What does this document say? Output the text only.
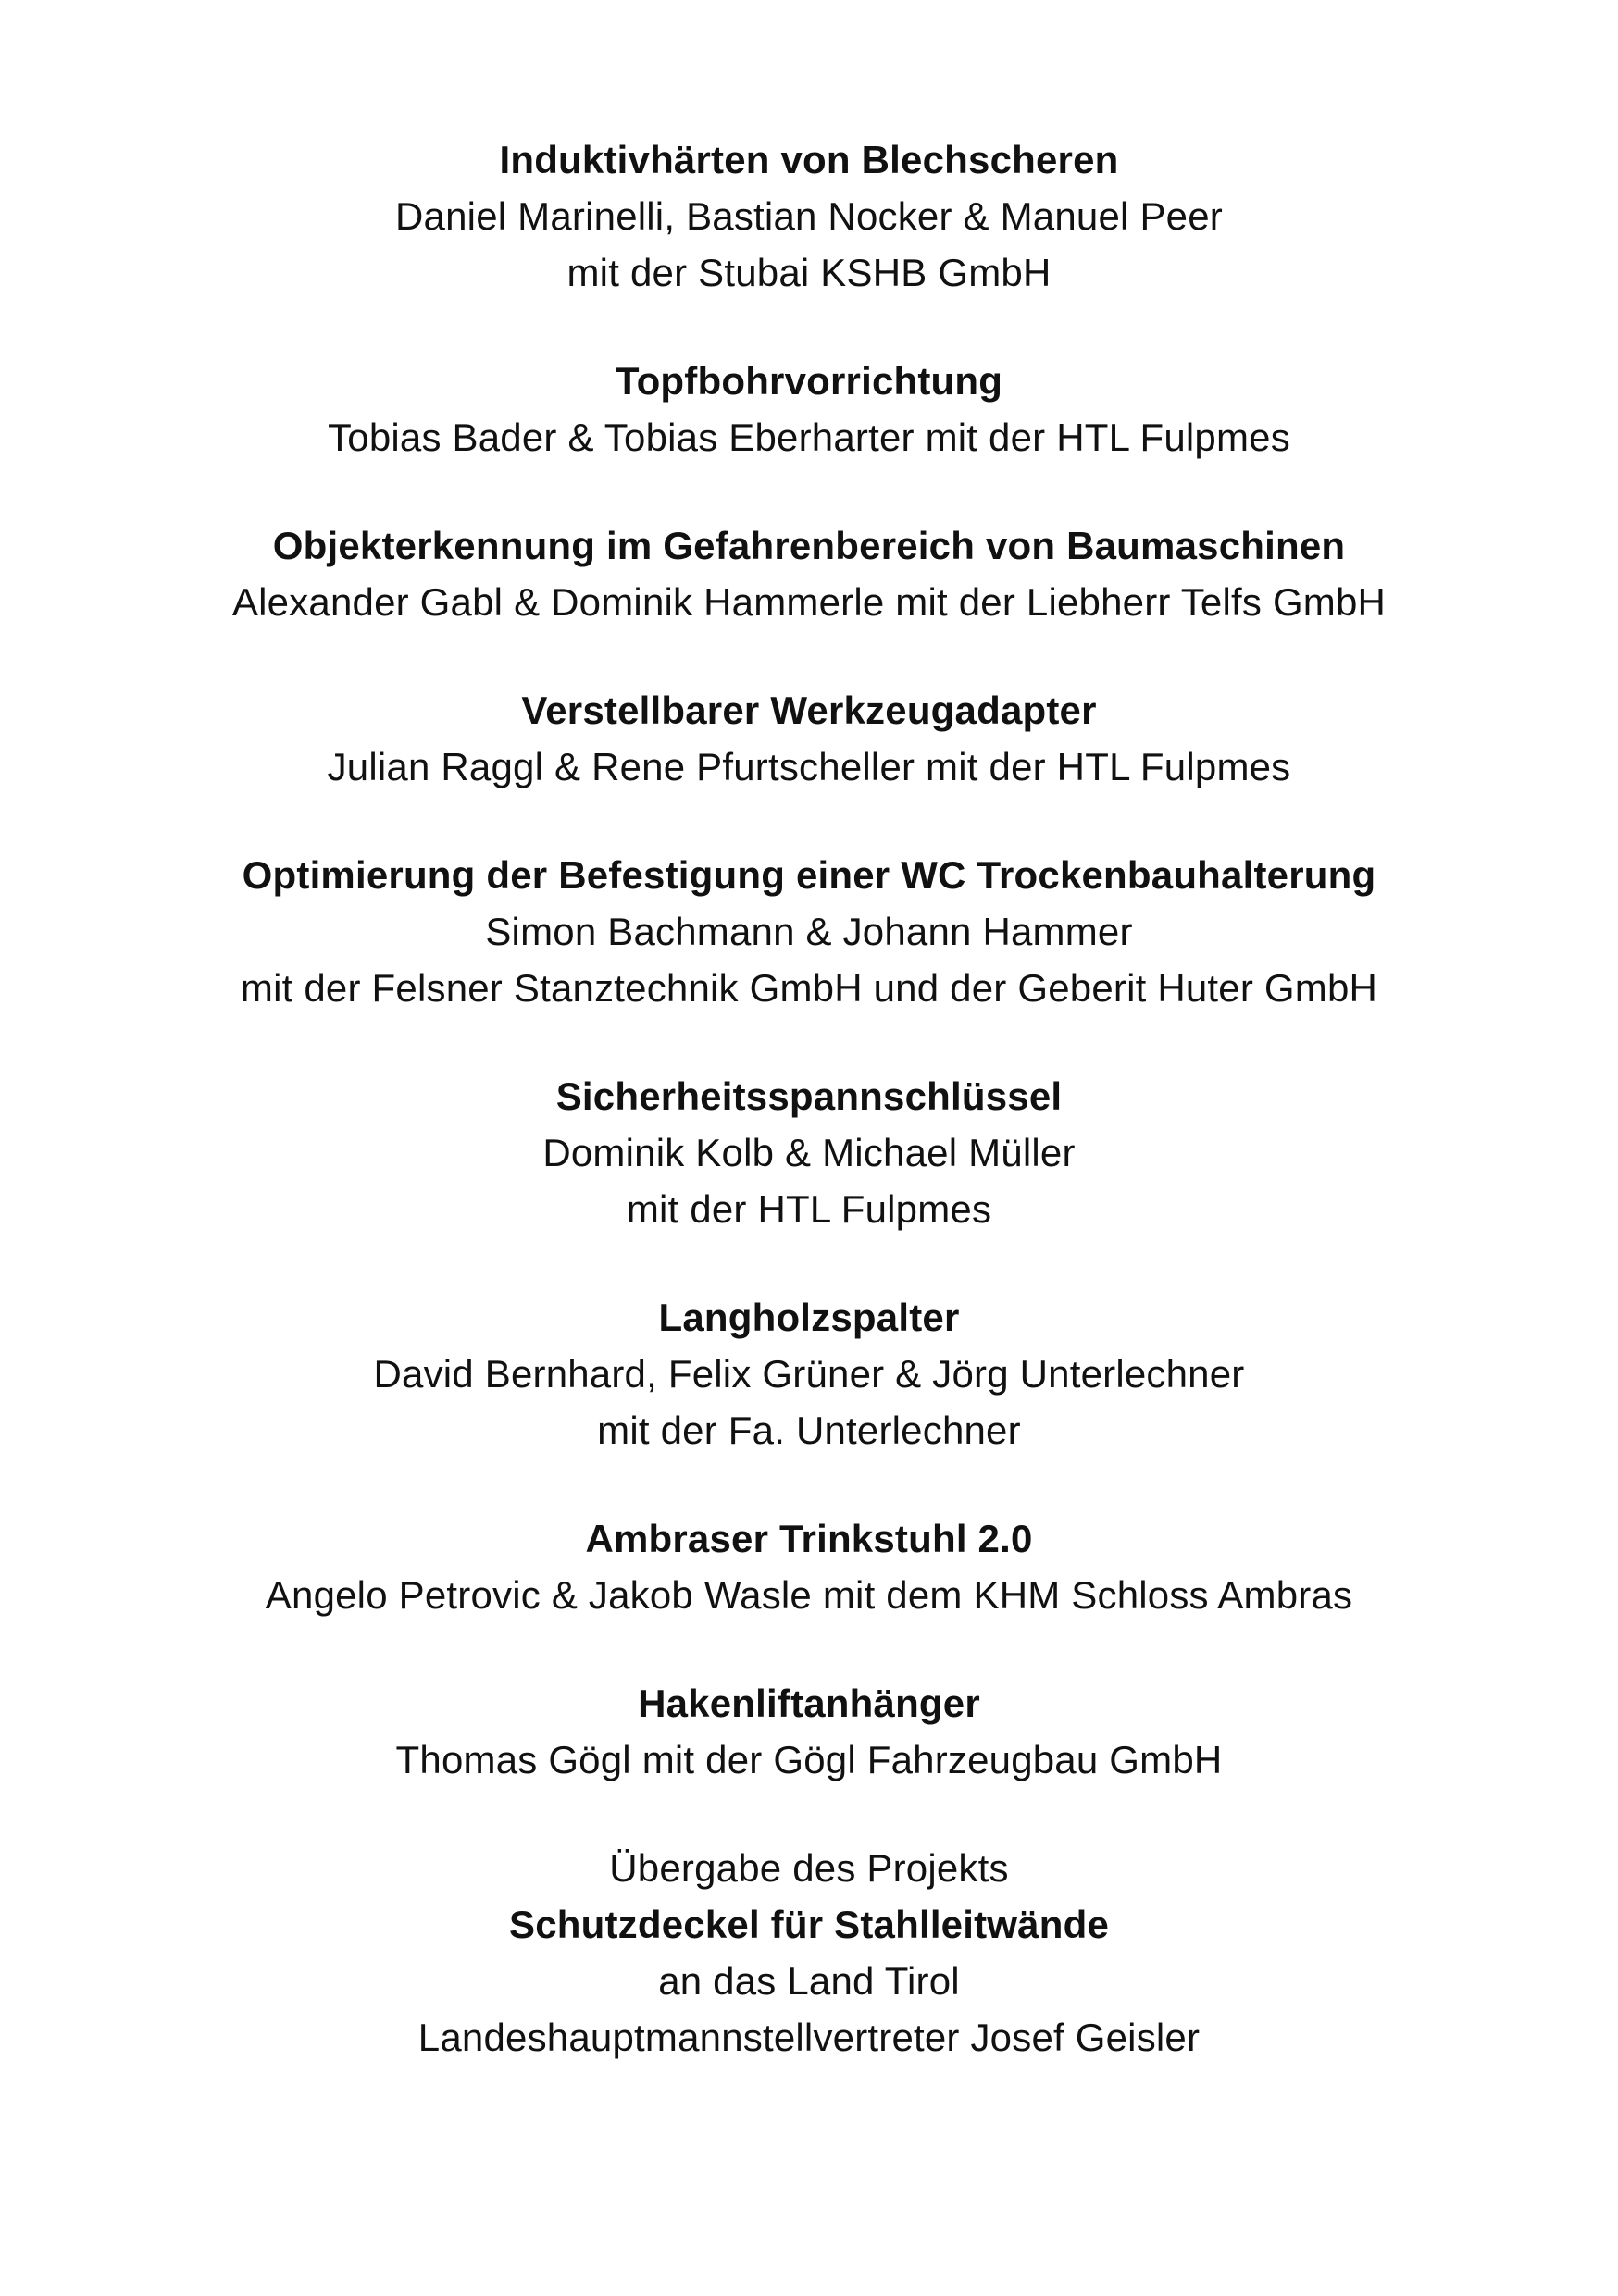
Induktivhärten von Blechscheren
Daniel Marinelli, Bastian Nocker & Manuel Peer
mit der Stubai KSHB GmbH
Topfbohrvorrichtung
Tobias Bader & Tobias Eberharter mit der HTL Fulpmes
Objekterkennung im Gefahrenbereich von Baumaschinen
Alexander Gabl & Dominik Hammerle mit der Liebherr Telfs GmbH
Verstellbarer Werkzeugadapter
Julian Raggl & Rene Pfurtscheller mit der HTL Fulpmes
Optimierung der Befestigung einer WC Trockenbauhalterung
Simon Bachmann & Johann Hammer
mit der Felsner Stanztechnik GmbH und der Geberit Huter GmbH
Sicherheitsspannschlüssel
Dominik Kolb & Michael Müller
mit der HTL Fulpmes
Langholzspalter
David Bernhard, Felix Grüner & Jörg Unterlechner
mit der Fa. Unterlechner
Ambraser Trinkstuhl 2.0
Angelo Petrovic & Jakob Wasle mit dem KHM Schloss Ambras
Hakenliftanhänger
Thomas Gögl mit der Gögl Fahrzeugbau GmbH
Übergabe des Projekts
Schutzdeckel für Stahlleitwände
an das Land Tirol
Landeshauptmannstellvertreter Josef Geisler
